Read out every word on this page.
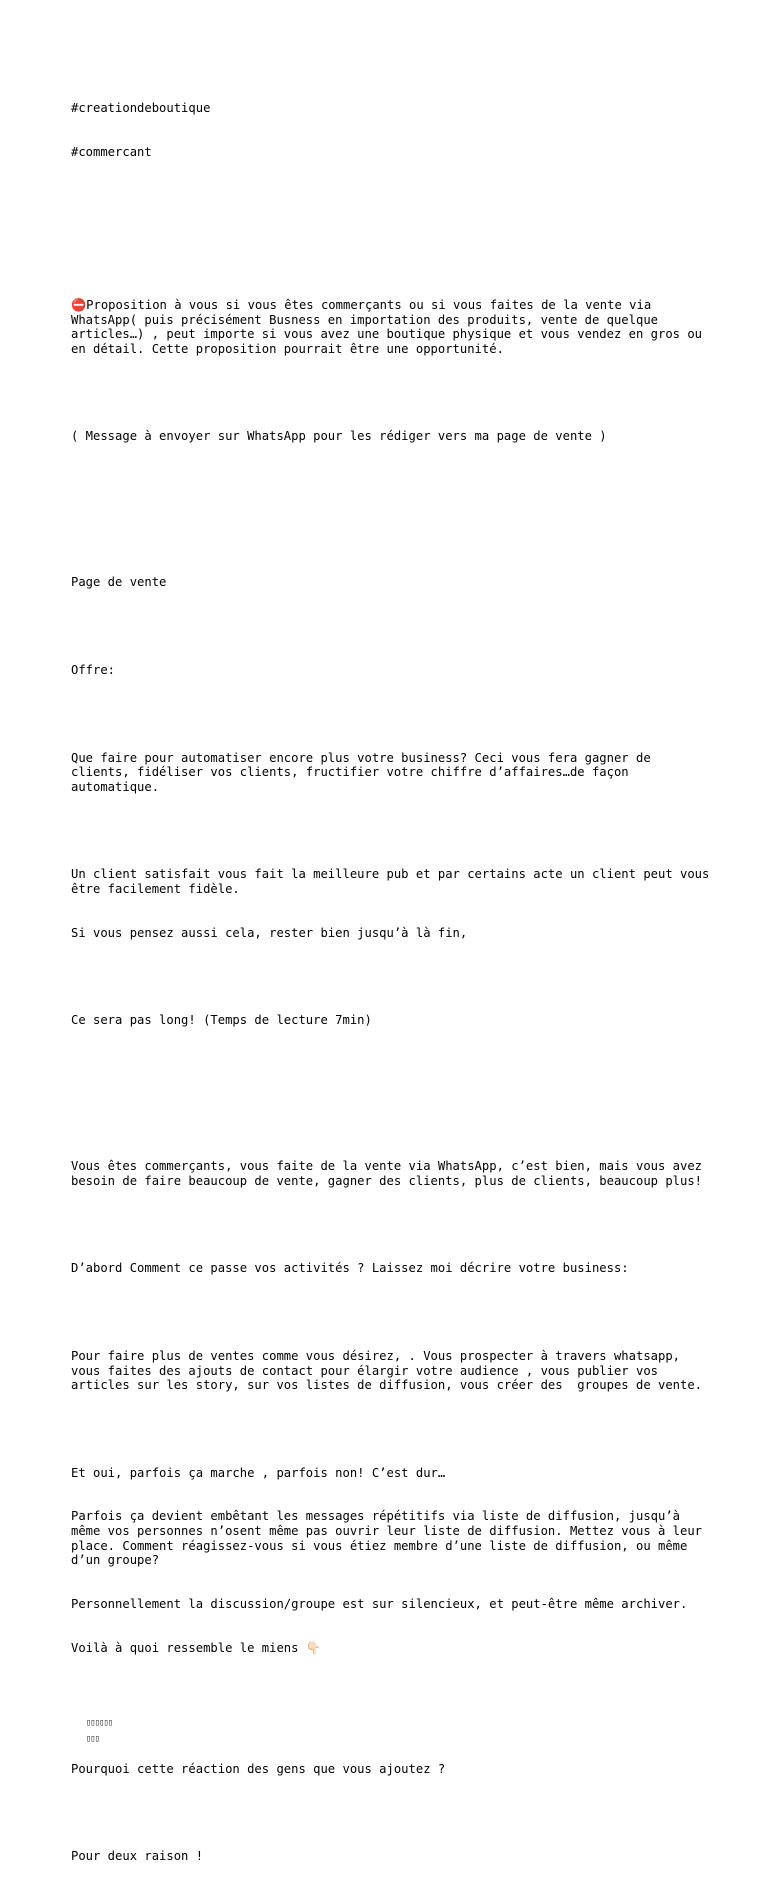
#creationdeboutique

#commercant

⛔Proposition à vous si vous êtes commerçants ou si vous faites de la vente via WhatsApp( puis précisément Busness en importation des produits, vente de quelque articles…) , peut importe si vous avez une boutique physique et vous vendez en gros ou en détail. Cette proposition pourrait être une opportunité.

( Message à envoyer sur WhatsApp pour les rédiger vers ma page de vente )

Page de vente

Offre:

Que faire pour automatiser encore plus votre business? Ceci vous fera gagner de clients, fidéliser vos clients, fructifier votre chiffre d’affaires…de façon automatique.

Un client satisfait vous fait la meilleure pub et par certains acte un client peut vous être facilement fidèle.

Si vous pensez aussi cela, rester bien jusqu’à là fin,

Ce sera pas long! (Temps de lecture 7min)

Vous êtes commerçants, vous faite de la vente via WhatsApp, c’est bien, mais vous avez besoin de faire beaucoup de vente, gagner des clients, plus de clients, beaucoup plus!

D’abord Comment ce passe vos activités ? Laissez moi décrire votre business:

Pour faire plus de ventes comme vous désirez, . Vous prospecter à travers whatsapp, vous faites des ajouts de contact pour élargir votre audience , vous publier vos articles sur les story, sur vos listes de diffusion, vous créer des  groupes de vente.

Et oui, parfois ça marche , parfois non! C’est dur…

Parfois ça devient embêtant les messages répétitifs via liste de diffusion, jusqu’à même vos personnes n’osent même pas ouvrir leur liste de diffusion. Mettez vous à leur place. Comment réagissez-vous si vous étiez membre d’une liste de diffusion, ou même d’un groupe?

Personnellement la discussion/groupe est sur silencieux, et peut-être même archiver.

Voilà à quoi ressemble le miens 👇🏻

▯▯▯▯▯▯
▯▯▯

Pourquoi cette réaction des gens que vous ajoutez ?

Pour deux raison !
